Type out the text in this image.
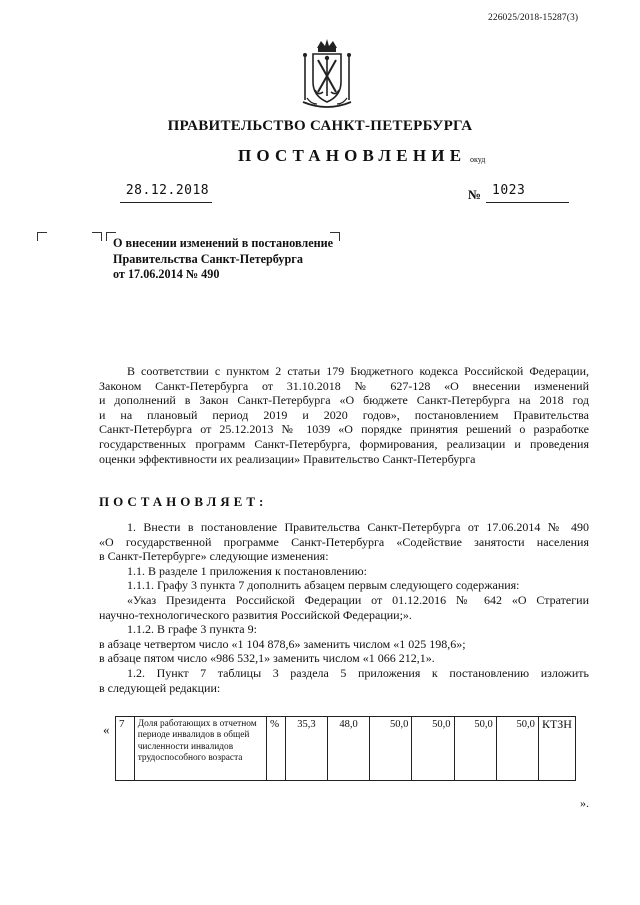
226025/2018-15287(3)
ПРАВИТЕЛЬСТВО САНКТ-ПЕТЕРБУРГА
ПОСТАНОВЛЕНИЕ окуд
28.12.2018	№ 1023
О внесении изменений в постановление
Правительства Санкт-Петербурга
от 17.06.2014 № 490

В соответствии с пунктом 2 статьи 179 Бюджетного кодекса Российской Федерации,

Законом Санкт-Петербурга от 31.10.2018 № 627-128 «О внесении изменений

и дополнений в Закон Санкт-Петербурга «О бюджете Санкт-Петербурга на 2018 год

и на плановый период 2019 и 2020 годов», постановлением Правительства

Санкт-Петербурга от 25.12.2013 № 1039 «О порядке принятия решений о разработке

государственных программ Санкт-Петербурга, формирования, реализации и проведения

оценки эффективности их реализации» Правительство Санкт-Петербурга

ПОСТАНОВЛЯЕТ:

1. Внести в постановление Правительства Санкт-Петербурга от 17.06.2014 № 490

«О государственной программе Санкт-Петербурга «Содействие занятости населения

в Санкт-Петербурге» следующие изменения:

1.1. В разделе 1 приложения к постановлению:

1.1.1. Графу 3 пункта 7 дополнить абзацем первым следующего содержания:

«Указ Президента Российской Федерации от 01.12.2016 № 642 «О Стратегии

научно-технологического развития Российской Федерации;».

1.1.2. В графе 3 пункта 9:

в абзаце четвертом число «1 104 878,6» заменить числом «1 025 198,6»;

в абзаце пятом число «986 532,1» заменить числом «1 066 212,1».

1.2. Пункт 7 таблицы 3 раздела 5 приложения к постановлению изложить

в следующей редакции:

« 7	Доля работающих в отчетном периоде инвалидов в общей численности инвалидов трудоспособного возраста	%	35,3	48,0	50,0	50,0	50,0	50,0	КТЗН
».
